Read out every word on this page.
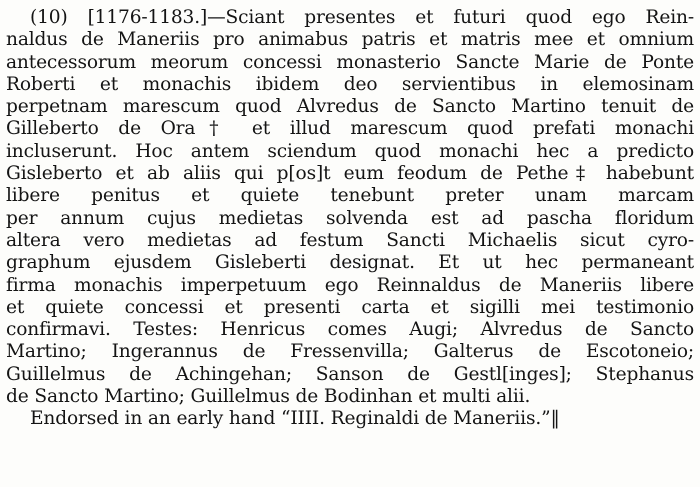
(10) [1176-1183.]—Sciant presentes et futuri quod ego Rein-
naldus de Maneriis pro animabus patris et matris mee et omnium
antecessorum meorum concessi monasterio Sancte Marie de Ponte
Roberti et monachis ibidem deo servientibus in elemosinam
perpetnam marescum quod Alvredus de Sancto Martino tenuit de
Gilleberto de Ora† et illud marescum quod prefati monachi
incluserunt. Hoc antem sciendum quod monachi hec a predicto
Gisleberto et ab aliis qui p[os]t eum feodum de Pethe‡ habebunt
libere penitus et quiete tenebunt preter unam marcam
per annum cujus medietas solvenda est ad pascha floridum
altera vero medietas ad festum Sancti Michaelis sicut cyro-
graphum ejusdem Gisleberti designat. Et ut hec permaneant
firma monachis imperpetuum ego Reinnaldus de Maneriis libere
et quiete concessi et presenti carta et sigilli mei testimonio
confirmavi. Testes: Henricus comes Augi; Alvredus de Sancto
Martino; Ingerannus de Fressenvilla; Galterus de Escotoneio;
Guillelmus de Achingehan; Sanson de Gestl[inges]; Stephanus
de Sancto Martino; Guillelmus de Bodinhan et multi alii.
Endorsed in an early hand “IIII. Reginaldi de Maneriis.”‖
